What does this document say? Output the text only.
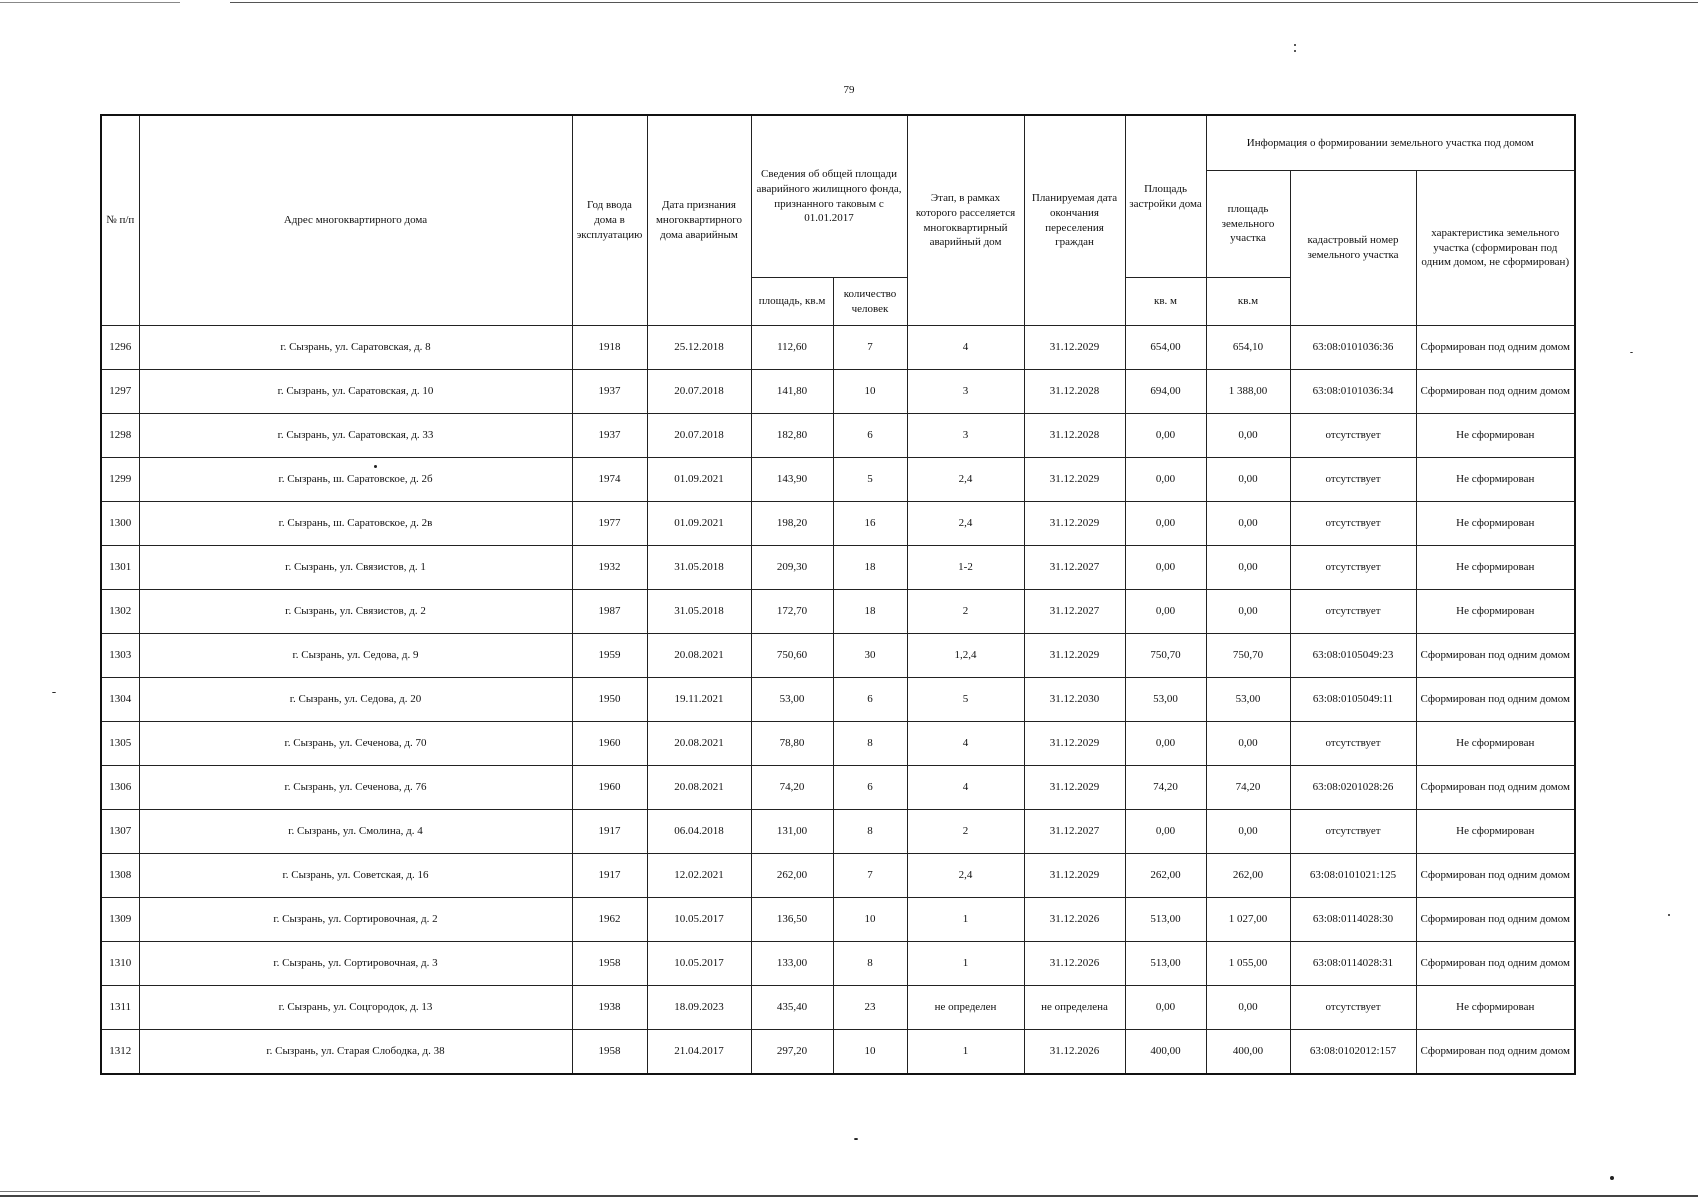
79
№ п/п	Адрес многоквартирного дома	Год ввода дома в эксплуатацию	Дата признания многоквартирного дома аварийным	Сведения об общей площади аварийного жилищного фонда, признанного таковым с 01.01.2017		Этап, в рамках которого расселяется многоквартирный аварийный дом	Планируемая дата окончания переселения граждан	Площадь застройки дома	Информация о формировании земельного участка под домом		
									площадь земельного участка	кадастровый номер земельного участка	характеристика земельного участка (сформирован под одним домом, не сформирован)
				площадь, кв.м	количество человек			кв. м	кв.м		
1296	г. Сызрань, ул. Саратовская, д. 8	1918	25.12.2018	112,60	7	4	31.12.2029	654,00	654,10	63:08:0101036:36	Сформирован под одним домом
1297	г. Сызрань, ул. Саратовская, д. 10	1937	20.07.2018	141,80	10	3	31.12.2028	694,00	1 388,00	63:08:0101036:34	Сформирован под одним домом
1298	г. Сызрань, ул. Саратовская, д. 33	1937	20.07.2018	182,80	6	3	31.12.2028	0,00	0,00	отсутствует	Не сформирован
1299	г. Сызрань, ш. Саратовское, д. 2б	1974	01.09.2021	143,90	5	2,4	31.12.2029	0,00	0,00	отсутствует	Не сформирован
1300	г. Сызрань, ш. Саратовское, д. 2в	1977	01.09.2021	198,20	16	2,4	31.12.2029	0,00	0,00	отсутствует	Не сформирован
1301	г. Сызрань, ул. Связистов, д. 1	1932	31.05.2018	209,30	18	1-2	31.12.2027	0,00	0,00	отсутствует	Не сформирован
1302	г. Сызрань, ул. Связистов, д. 2	1987	31.05.2018	172,70	18	2	31.12.2027	0,00	0,00	отсутствует	Не сформирован
1303	г. Сызрань, ул. Седова, д. 9	1959	20.08.2021	750,60	30	1,2,4	31.12.2029	750,70	750,70	63:08:0105049:23	Сформирован под одним домом
1304	г. Сызрань, ул. Седова, д. 20	1950	19.11.2021	53,00	6	5	31.12.2030	53,00	53,00	63:08:0105049:11	Сформирован под одним домом
1305	г. Сызрань, ул. Сеченова, д. 70	1960	20.08.2021	78,80	8	4	31.12.2029	0,00	0,00	отсутствует	Не сформирован
1306	г. Сызрань, ул. Сеченова, д. 76	1960	20.08.2021	74,20	6	4	31.12.2029	74,20	74,20	63:08:0201028:26	Сформирован под одним домом
1307	г. Сызрань, ул. Смолина, д. 4	1917	06.04.2018	131,00	8	2	31.12.2027	0,00	0,00	отсутствует	Не сформирован
1308	г. Сызрань, ул. Советская, д. 16	1917	12.02.2021	262,00	7	2,4	31.12.2029	262,00	262,00	63:08:0101021:125	Сформирован под одним домом
1309	г. Сызрань, ул. Сортировочная, д. 2	1962	10.05.2017	136,50	10	1	31.12.2026	513,00	1 027,00	63:08:0114028:30	Сформирован под одним домом
1310	г. Сызрань, ул. Сортировочная, д. 3	1958	10.05.2017	133,00	8	1	31.12.2026	513,00	1 055,00	63:08:0114028:31	Сформирован под одним домом
1311	г. Сызрань, ул. Соцгородок, д. 13	1938	18.09.2023	435,40	23	не определен	не определена	0,00	0,00	отсутствует	Не сформирован
1312	г. Сызрань, ул. Старая Слободка, д. 38	1958	21.04.2017	297,20	10	1	31.12.2026	400,00	400,00	63:08:0102012:157	Сформирован под одним домом
